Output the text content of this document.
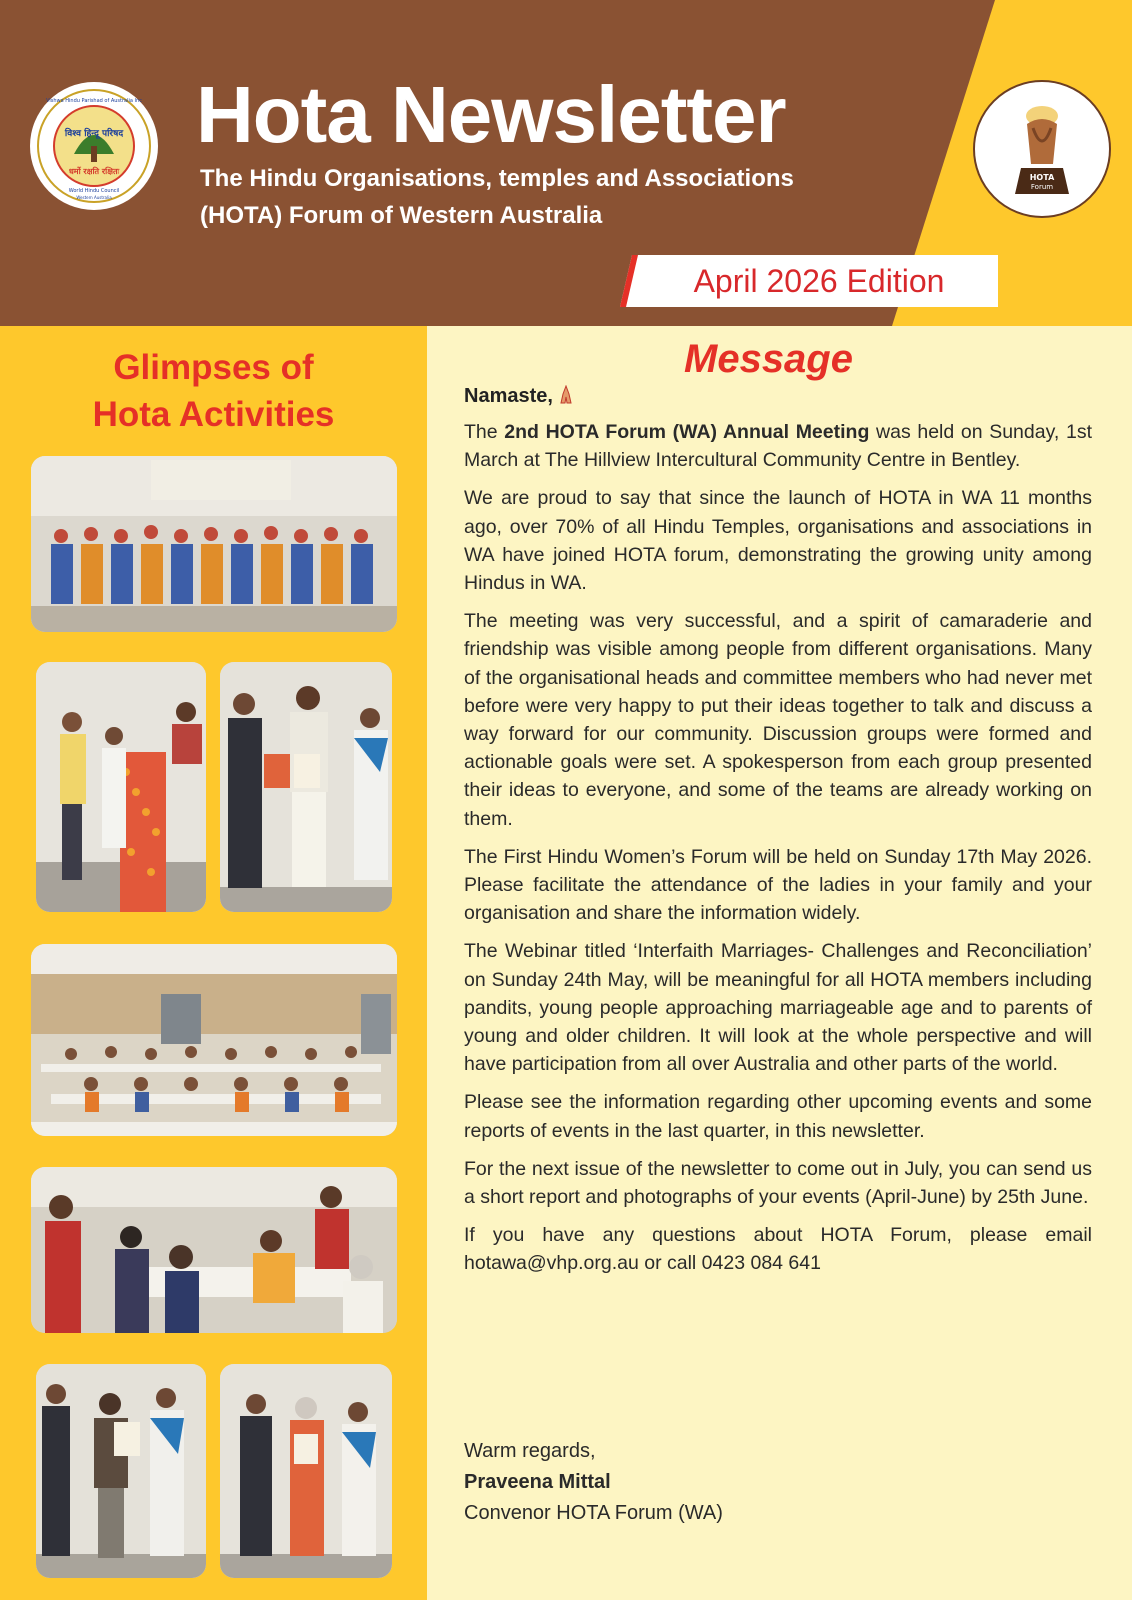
विश्व हिन्दू परिषद
धर्मो रक्षति रक्षितः
Vishwa Hindu Parishad of Australia Inc
World Hindu Council
Western Australia
Hota Newsletter
The Hindu Organisations, temples and Associations
(HOTA) Forum of Western Australia
HOTA
Forum
April 2026 Edition
Glimpses of
Hota Activities
Message
Namaste,

The 2nd HOTA Forum (WA) Annual Meeting was held on Sunday, 1st March at The Hillview Intercultural Community Centre in Bentley.

We are proud to say that since the launch of HOTA in WA 11 months ago, over 70% of all Hindu Temples, organisations and associations in WA have joined HOTA forum, demonstrating the growing unity among Hindus in WA.

The meeting was very successful, and a spirit of camaraderie and friendship was visible among people from different organisations. Many of the organisational heads and committee members who had never met before were very happy to put their ideas together to talk and discuss a way forward for our community. Discussion groups were formed and actionable goals were set. A spokesperson from each group presented their ideas to everyone, and some of the teams are already working on them.

The First Hindu Women’s Forum will be held on Sunday 17th May 2026. Please facilitate the attendance of the ladies in your family and your organisation and share the information widely.

The Webinar titled ‘Interfaith Marriages- Challenges and Reconciliation’ on Sunday 24th May, will be meaningful for all HOTA members including pandits, young people approaching marriageable age and to parents of young and older children. It will look at the whole perspective and will have participation from all over Australia and other parts of the world.

Please see the information regarding other upcoming events and some reports of events in the last quarter, in this newsletter.

For the next issue of the newsletter to come out in July, you can send us a short report and photographs of your events (April-June) by 25th June.

If you have any questions about HOTA Forum, please email hotawa@vhp.org.au or call 0423 084 641

Warm regards,
Praveena Mittal
Convenor HOTA Forum (WA)
